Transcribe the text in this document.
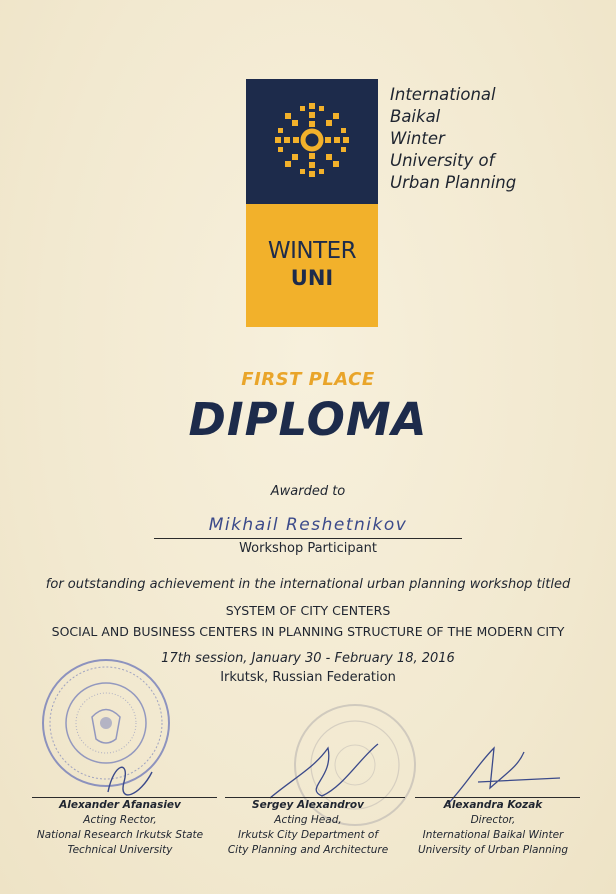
WINTER
UNI
International
Baikal
Winter
University of
Urban Planning
FIRST PLACE
DIPLOMA
Awarded to
Mikhail Reshetnikov
Workshop Participant
for outstanding achievement in the international urban planning workshop titled
SYSTEM OF CITY CENTERS
SOCIAL AND BUSINESS CENTERS IN PLANNING STRUCTURE OF THE MODERN CITY
17th session, January 30 - February 18, 2016
Irkutsk, Russian Federation
Alexander Afanasiev
Acting Rector,
National Research Irkutsk State
Technical University
Sergey Alexandrov
Acting Head,
Irkutsk City Department of
City Planning and Architecture
Alexandra Kozak
Director,
International Baikal Winter
University of Urban Planning
